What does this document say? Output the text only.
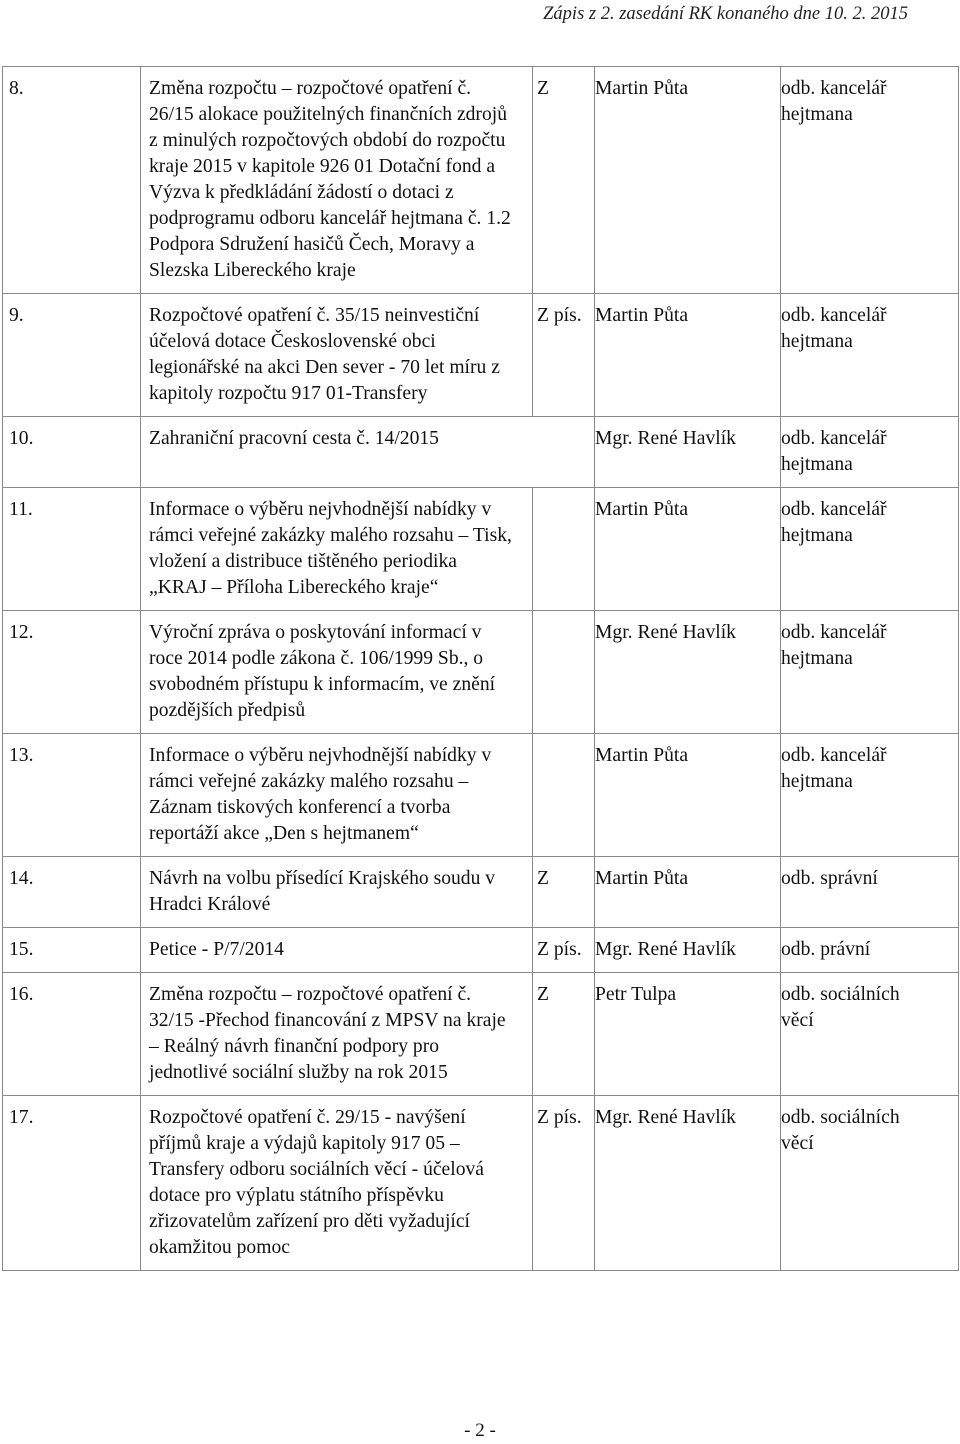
Zápis z 2. zasedání RK konaného dne 10. 2. 2015
8.	Změna rozpočtu – rozpočtové opatření č. 26/15 alokace použitelných finančních zdrojů z minulých rozpočtových období do rozpočtu kraje 2015 v kapitole 926 01 Dotační fond a Výzva k předkládání žádostí o dotaci z podprogramu odboru kancelář hejtmana č. 1.2 Podpora Sdružení hasičů Čech, Moravy a Slezska Libereckého kraje	Z	Martin Půta	odb. kancelář hejtmana
9.	Rozpočtové opatření č. 35/15 neinvestiční účelová dotace Československé obci legionářské na akci Den sever - 70 let míru z kapitoly rozpočtu 917 01-Transfery	Z pís.	Martin Půta	odb. kancelář hejtmana
10.	Zahraniční pracovní cesta č. 14/2015		Mgr. René Havlík	odb. kancelář hejtmana
11.	Informace o výběru nejvhodnější nabídky v rámci veřejné zakázky malého rozsahu – Tisk, vložení a distribuce tištěného periodika „KRAJ – Příloha Libereckého kraje“		Martin Půta	odb. kancelář hejtmana
12.	Výroční zpráva o poskytování informací v roce 2014 podle zákona č. 106/1999 Sb., o svobodném přístupu k informacím, ve znění pozdějších předpisů		Mgr. René Havlík	odb. kancelář hejtmana
13.	Informace o výběru nejvhodnější nabídky v rámci veřejné zakázky malého rozsahu – Záznam tiskových konferencí a tvorba reportáží akce „Den s hejtmanem“		Martin Půta	odb. kancelář hejtmana
14.	Návrh na volbu přísedící Krajského soudu v Hradci Králové	Z	Martin Půta	odb. správní
15.	Petice - P/7/2014	Z pís.	Mgr. René Havlík	odb. právní
16.	Změna rozpočtu – rozpočtové opatření č. 32/15 -Přechod financování z MPSV na kraje – Reálný návrh finanční podpory pro jednotlivé sociální služby na rok 2015	Z	Petr Tulpa	odb. sociálních věcí
17.	Rozpočtové opatření č. 29/15 - navýšení příjmů kraje a výdajů kapitoly 917 05 – Transfery odboru sociálních věcí - účelová dotace pro výplatu státního příspěvku zřizovatelům zařízení pro děti vyžadující okamžitou pomoc	Z pís.	Mgr. René Havlík	odb. sociálních věcí
- 2 -
